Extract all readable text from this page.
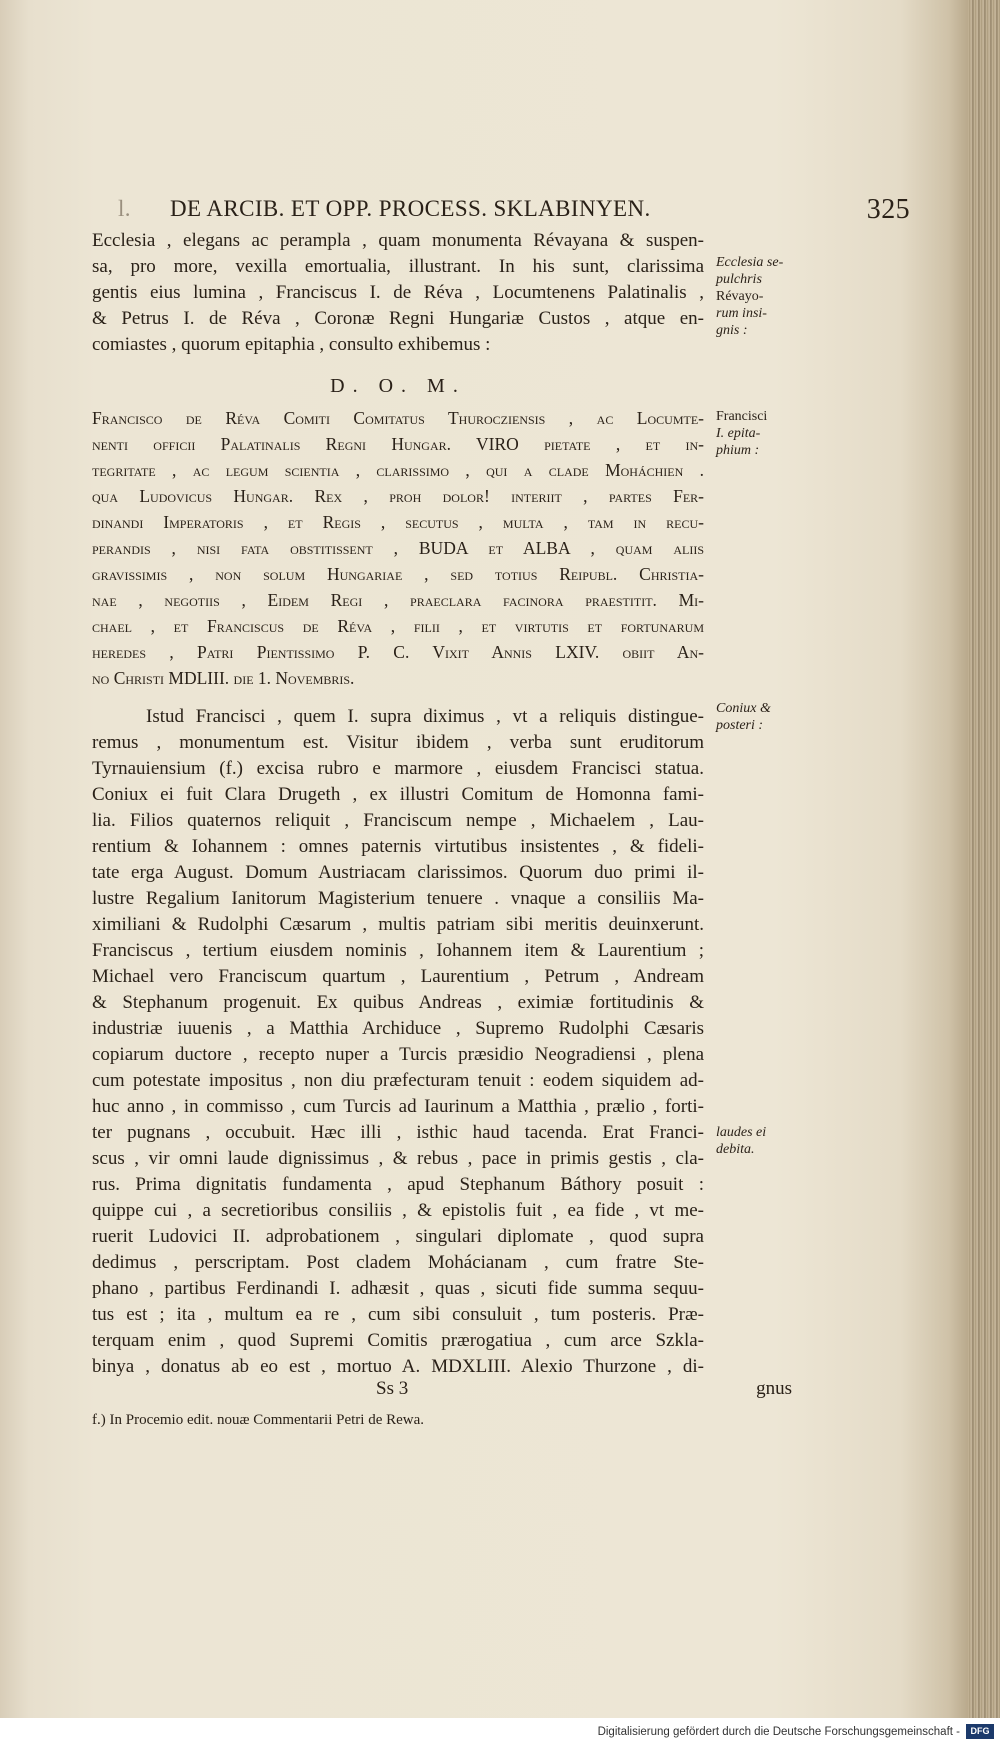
l. DE ARCIB. ET OPP. PROCESS. SKLABINYEN.	325
Ecclesia , elegans ac perampla , quam monumenta Révayana & suspen-
sa, pro more, vexilla emortualia, illustrant. In his sunt, clarissima
gentis eius lumina , Franciscus I. de Réva , Locumtenens Palatinalis ,
& Petrus I. de Réva , Coronæ Regni Hungariæ Custos , atque en-
comiastes , quorum epitaphia , consulto exhibemus :
D. O. M.
Francisco de Réva Comiti Comitatus Thurocziensis , ac Locumte-
nenti officii Palatinalis Regni Hungar. VIRO pietate , et in-
tegritate , ac legum scientia , clarissimo , qui a clade Moháchien .
qua Ludovicus Hungar. Rex , proh dolor! interiit , partes Fer-
dinandi Imperatoris , et Regis , secutus , multa , tam in recu-
perandis , nisi fata obstitissent , BUDA et ALBA , quam aliis
gravissimis , non solum Hungariae , sed totius Reipubl. Christia-
nae , negotiis , Eidem Regi , praeclara facinora praestitit. Mi-
chael , et Franciscus de Réva , filii , et virtutis et fortunarum
heredes , Patri Pientissimo P. C. Vixit Annis LXIV. obiit An-
no Christi MDLIII. die 1. Novembris.
Istud Francisci , quem I. supra diximus , vt a reliquis distingue-
remus , monumentum est. Visitur ibidem , verba sunt eruditorum
Tyrnauiensium (f.) excisa rubro e marmore , eiusdem Francisci statua.
Coniux ei fuit Clara Drugeth , ex illustri Comitum de Homonna fami-
lia. Filios quaternos reliquit , Franciscum nempe , Michaelem , Lau-
rentium & Iohannem : omnes paternis virtutibus insistentes , & fideli-
tate erga August. Domum Austriacam clarissimos. Quorum duo primi il-
lustre Regalium Ianitorum Magisterium tenuere . vnaque a consiliis Ma-
ximiliani & Rudolphi Cæsarum , multis patriam sibi meritis deuinxerunt.
Franciscus , tertium eiusdem nominis , Iohannem item & Laurentium ;
Michael vero Franciscum quartum , Laurentium , Petrum , Andream
& Stephanum progenuit. Ex quibus Andreas , eximiæ fortitudinis &
industriæ iuuenis , a Matthia Archiduce , Supremo Rudolphi Cæsaris
copiarum ductore , recepto nuper a Turcis præsidio Neogradiensi , plena
cum potestate impositus , non diu præfecturam tenuit : eodem siquidem ad-
huc anno , in commisso , cum Turcis ad Iaurinum a Matthia , prælio , forti-
ter pugnans , occubuit. Hæc illi , isthic haud tacenda. Erat Franci-
scus , vir omni laude dignissimus , & rebus , pace in primis gestis , cla-
rus. Prima dignitatis fundamenta , apud Stephanum Báthory posuit :
quippe cui , a secretioribus consiliis , & epistolis fuit , ea fide , vt me-
ruerit Ludovici II. adprobationem , singulari diplomate , quod supra
dedimus , perscriptam. Post cladem Mohácianam , cum fratre Ste-
phano , partibus Ferdinandi I. adhæsit , quas , sicuti fide summa sequu-
tus est ; ita , multum ea re , cum sibi consuluit , tum posteris. Præ-
terquam enim , quod Supremi Comitis prærogatiua , cum arce Szkla-
binya , donatus ab eo est , mortuo A. MDXLIII. Alexio Thurzone , di-
gnus
Ss 3
f.) In Procemio edit. nouæ Commentarii Petri de Rewa.
Ecclesia se-
pulchris
Révayo-
rum insi-
gnis :
Francisci
I. epita-
phium :
Coniux &
posteri :
laudes ei
debita.
Digitalisierung gefördert durch die Deutsche Forschungsgemeinschaft -	DFG
